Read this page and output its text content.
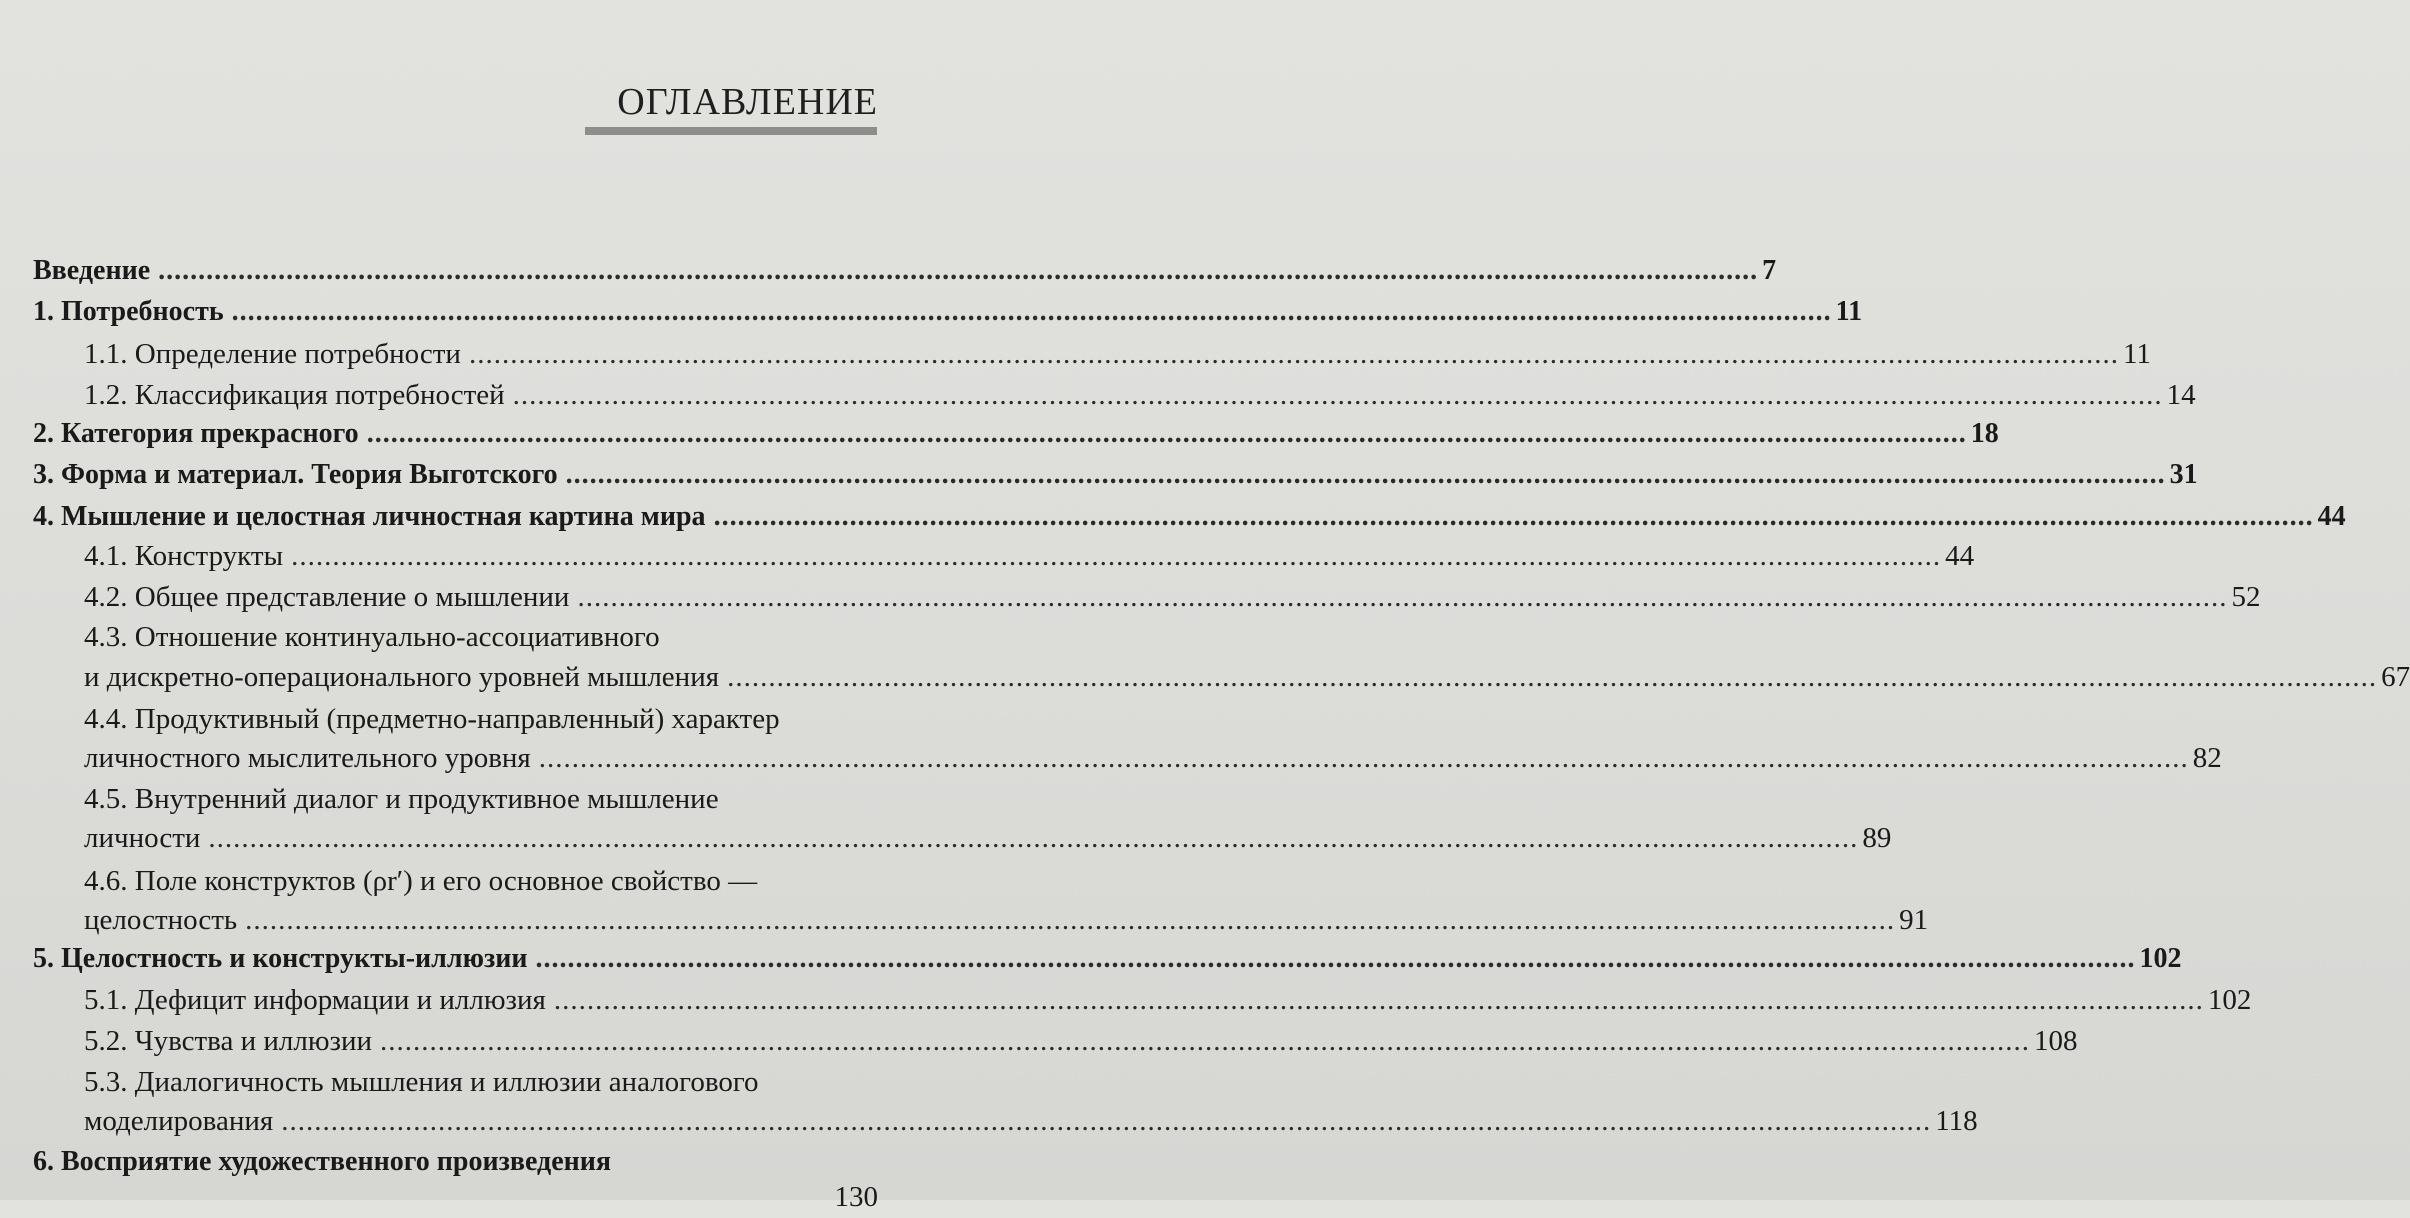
ОГЛАВЛЕНИЕ
Введение .....	7
1. Потребность .....	11
1.1. Определение потребности .....	11
1.2. Классификация потребностей .....	14
2. Категория прекрасного .....	18
3. Форма и материал. Теория Выготского .....	31
4. Мышление и целостная личностная картина мира .....	44
4.1. Конструкты .....	44
4.2. Общее представление о мышлении .....	52
4.3. Отношение континуально-ассоциативного
и дискретно-операционального уровней мышления .....	67
4.4. Продуктивный (предметно-направленный) характер
личностного мыслительного уровня .....	82
4.5. Внутренний диалог и продуктивное мышление
личности .....	89
4.6. Поле конструктов (ρr′) и его основное свойство —
целостность .....	91
5. Целостность и конструкты-иллюзии .....	102
5.1. Дефицит информации и иллюзия .....	102
5.2. Чувства и иллюзии .....	108
5.3. Диалогичность мышления и иллюзии аналогового
моделирования .....	118
6. Восприятие художественного произведения
130
